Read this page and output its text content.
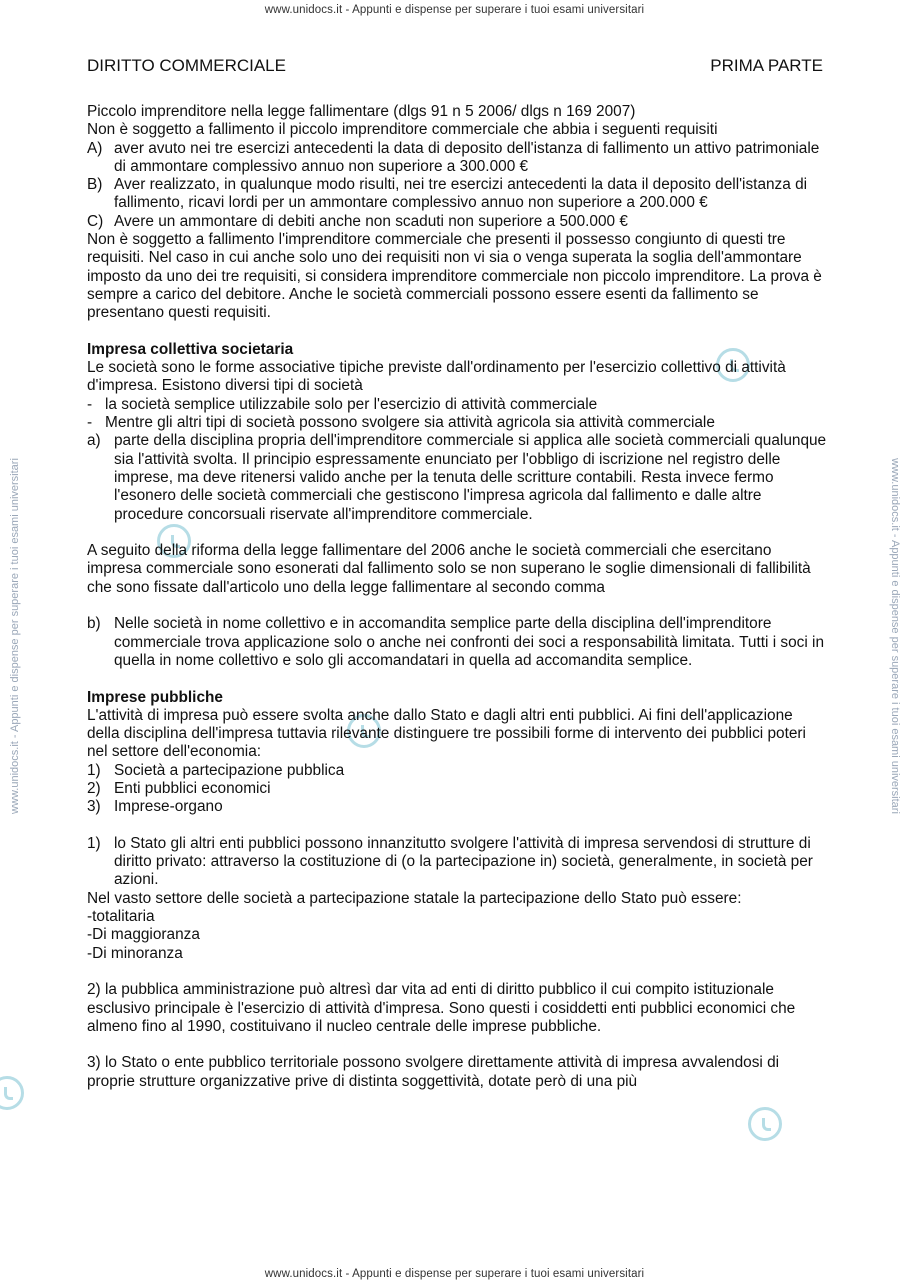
www.unidocs.it - Appunti e dispense per superare i tuoi esami universitari
www.unidocs.it - Appunti e dispense per superare i tuoi esami universitari	www.unidocs.it - Appunti e dispense per superare i tuoi esami universitari
DIRITTO COMMERCIALE	PRIMA PARTE

Piccolo imprenditore nella legge fallimentare (dlgs 91 n 5 2006/ dlgs n 169 2007)

Non è soggetto a fallimento il piccolo imprenditore commerciale che abbia i seguenti requisiti

A) aver avuto nei tre esercizi antecedenti la data di deposito dell'istanza di fallimento un attivo patrimoniale di ammontare complessivo annuo non superiore a 300.000 €
B) Aver realizzato, in qualunque modo risulti, nei tre esercizi antecedenti la data il deposito dell'istanza di fallimento, ricavi lordi per un ammontare complessivo annuo non superiore a 200.000 €
C) Avere un ammontare di debiti anche non scaduti non superiore a 500.000 €

Non è soggetto a fallimento l'imprenditore commerciale che presenti il possesso congiunto di questi tre requisiti. Nel caso in cui anche solo uno dei requisiti non vi sia o venga superata la soglia dell'ammontare imposto da uno dei tre requisiti, si considera imprenditore commerciale non piccolo imprenditore. La prova è sempre a carico del debitore. Anche le società commerciali possono essere esenti da fallimento se presentano questi requisiti.

Impresa collettiva societaria

Le società sono le forme associative tipiche previste dall'ordinamento per l'esercizio collettivo di attività d'impresa. Esistono diversi tipi di società

- la società semplice utilizzabile solo per l'esercizio di attività commerciale
- Mentre gli altri tipi di società possono svolgere sia attività agricola sia attività commerciale
a) parte della disciplina propria dell'imprenditore commerciale si applica alle società commerciali qualunque sia l'attività svolta. Il principio espressamente enunciato per l'obbligo di iscrizione nel registro delle imprese, ma deve ritenersi valido anche per la tenuta delle scritture contabili. Resta invece fermo l'esonero delle società commerciali che gestiscono l'impresa agricola dal fallimento e dalle altre procedure concorsuali riservate all'imprenditore commerciale.

A seguito della riforma della legge fallimentare del 2006 anche le società commerciali che esercitano impresa commerciale sono esonerati dal fallimento solo se non superano le soglie dimensionali di fallibilità che sono fissate dall'articolo uno della legge fallimentare al secondo comma

b) Nelle società in nome collettivo e in accomandita semplice parte della disciplina dell'imprenditore commerciale trova applicazione solo o anche nei confronti dei soci a responsabilità limitata. Tutti i soci in quella in nome collettivo e solo gli accomandatari in quella ad accomandita semplice.

Imprese pubbliche

L'attività di impresa può essere svolta anche dallo Stato e dagli altri enti pubblici. Ai fini dell'applicazione della disciplina dell'impresa tuttavia rilevante distinguere tre possibili forme di intervento dei pubblici poteri nel settore dell'economia:

1) Società a partecipazione pubblica
2) Enti pubblici economici
3) Imprese-organo
1) lo Stato gli altri enti pubblici possono innanzitutto svolgere l'attività di impresa servendosi di strutture di diritto privato: attraverso la costituzione di (o la partecipazione in) società, generalmente, in società per azioni.

Nel vasto settore delle società a partecipazione statale la partecipazione dello Stato può essere:

-totalitaria

-Di maggioranza

-Di minoranza

2) la pubblica amministrazione può altresì dar vita ad enti di diritto pubblico il cui compito istituzionale esclusivo principale è l'esercizio di attività d'impresa. Sono questi i cosiddetti enti pubblici economici che almeno fino al 1990, costituivano il nucleo centrale delle imprese pubbliche.

3) lo Stato o ente pubblico territoriale possono svolgere direttamente attività di impresa avvalendosi di proprie strutture organizzative prive di distinta soggettività, dotate però di una più

www.unidocs.it - Appunti e dispense per superare i tuoi esami universitari
